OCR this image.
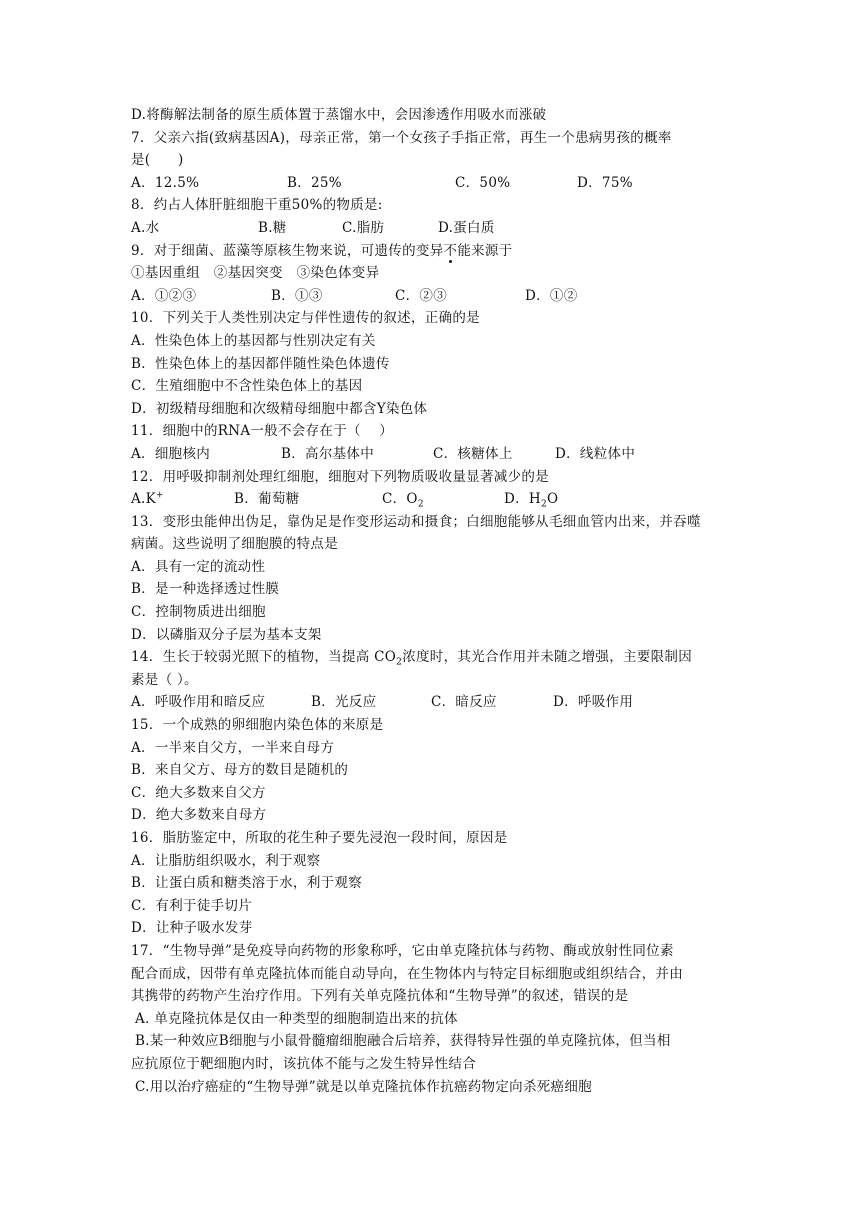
D.将酶解法制备的原生质体置于蒸馏水中，会因渗透作用吸水而涨破
7．父亲六指(致病基因A)，母亲正常，第一个女孩子手指正常，再生一个患病男孩的概率
是(　　)
A．12.5%	B．25%	C．50%	D．75%
8．约占人体肝脏细胞干重50%的物质是:
A.水	B.糖	C.脂肪	D.蛋白质
9．对于细菌、蓝藻等原核生物来说，可遗传的变异不能来源于
①基因重组　②基因突变　③染色体变异
A．①②③	B．①③	C．②③	D．①②
10．下列关于人类性别决定与伴性遗传的叙述，正确的是
A．性染色体上的基因都与性别决定有关
B．性染色体上的基因都伴随性染色体遗传
C．生殖细胞中不含性染色体上的基因
D．初级精母细胞和次级精母细胞中都含Y染色体
11．细胞中的RNA一般不会存在于（　 ）
A．细胞核内	B．高尔基体中	C．核糖体上	D．线粒体中
12．用呼吸抑制剂处理红细胞，细胞对下列物质吸收量显著减少的是
A.K+	B．葡萄糖	C．$O_2$	D．$H_2O$
13．变形虫能伸出伪足，靠伪足是作变形运动和摄食；白细胞能够从毛细血管内出来，并吞噬
病菌。这些说明了细胞膜的特点是
A．具有一定的流动性
B．是一种选择透过性膜
C．控制物质进出细胞
D．以磷脂双分子层为基本支架
14．生长于较弱光照下的植物，当提高 $CO_2$浓度时，其光合作用并未随之增强，主要限制因
素是（ ）。
A．呼吸作用和暗反应	B．光反应	C．暗反应	D．呼吸作用
15．一个成熟的卵细胞内染色体的来原是
A．一半来自父方，一半来自母方
B．来自父方、母方的数目是随机的
C．绝大多数来自父方
D．绝大多数来自母方
16．脂肪鉴定中，所取的花生种子要先浸泡一段时间，原因是
A．让脂肪组织吸水，利于观察
B．让蛋白质和糖类溶于水，利于观察
C．有利于徒手切片
D．让种子吸水发芽
17．“生物导弹”是免疫导向药物的形象称呼，它由单克隆抗体与药物、酶或放射性同位素
配合而成，因带有单克隆抗体而能自动导向，在生物体内与特定目标细胞或组织结合，并由
其携带的药物产生治疗作用。下列有关单克隆抗体和“生物导弹”的叙述，错误的是
A. 单克隆抗体是仅由一种类型的细胞制造出来的抗体
B.某一种效应B细胞与小鼠骨髓瘤细胞融合后培养，获得特异性强的单克隆抗体，但当相
应抗原位于靶细胞内时，该抗体不能与之发生特异性结合
C.用以治疗癌症的“生物导弹”就是以单克隆抗体作抗癌药物定向杀死癌细胞
